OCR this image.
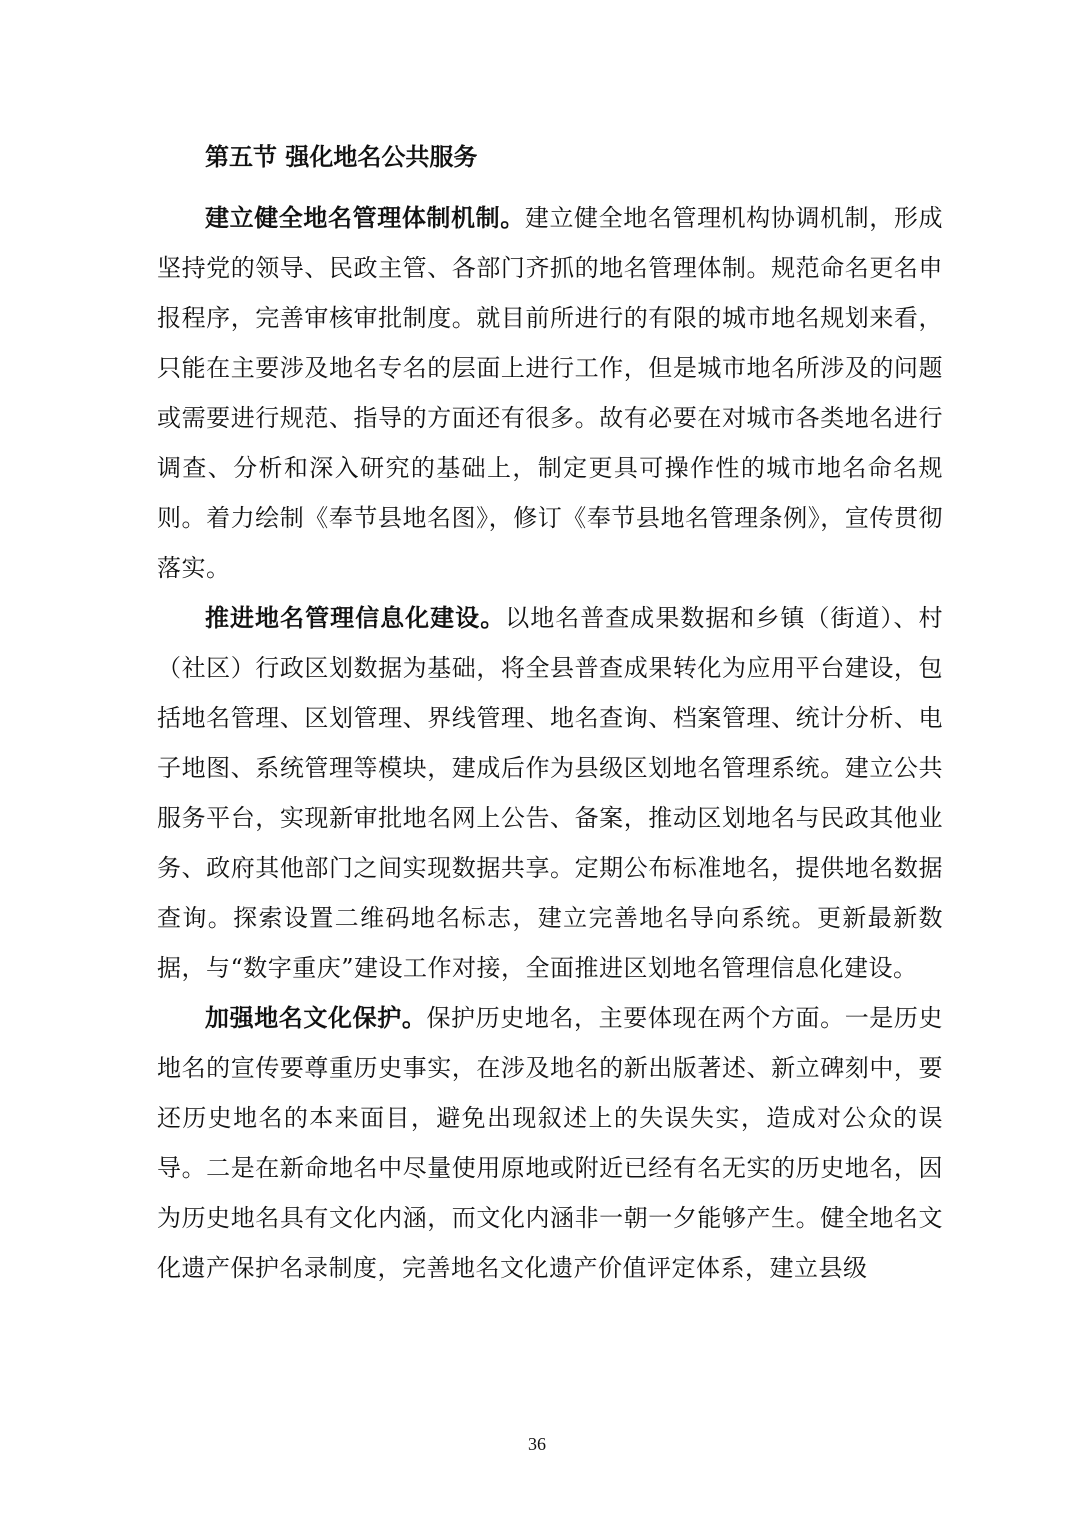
第五节 强化地名公共服务

建立健全地名管理体制机制。建立健全地名管理机构协调机制，形成坚持党的领导、民政主管、各部门齐抓的地名管理体制。规范命名更名申报程序，完善审核审批制度。就目前所进行的有限的城市地名规划来看，只能在主要涉及地名专名的层面上进行工作，但是城市地名所涉及的问题或需要进行规范、指导的方面还有很多。故有必要在对城市各类地名进行调查、分析和深入研究的基础上，制定更具可操作性的城市地名命名规则。着力绘制《奉节县地名图》，修订《奉节县地名管理条例》，宣传贯彻落实。

推进地名管理信息化建设。以地名普查成果数据和乡镇（街道）、村（社区）行政区划数据为基础，将全县普查成果转化为应用平台建设，包括地名管理、区划管理、界线管理、地名查询、档案管理、统计分析、电子地图、系统管理等模块，建成后作为县级区划地名管理系统。建立公共服务平台，实现新审批地名网上公告、备案，推动区划地名与民政其他业务、政府其他部门之间实现数据共享。定期公布标准地名，提供地名数据查询。探索设置二维码地名标志，建立完善地名导向系统。更新最新数据，与“数字重庆”建设工作对接，全面推进区划地名管理信息化建设。

加强地名文化保护。保护历史地名，主要体现在两个方面。一是历史地名的宣传要尊重历史事实，在涉及地名的新出版著述、新立碑刻中，要还历史地名的本来面目，避免出现叙述上的失误失实，造成对公众的误导。二是在新命地名中尽量使用原地或附近已经有名无实的历史地名，因为历史地名具有文化内涵，而文化内涵非一朝一夕能够产生。健全地名文化遗产保护名录制度，完善地名文化遗产价值评定体系，建立县级

36
